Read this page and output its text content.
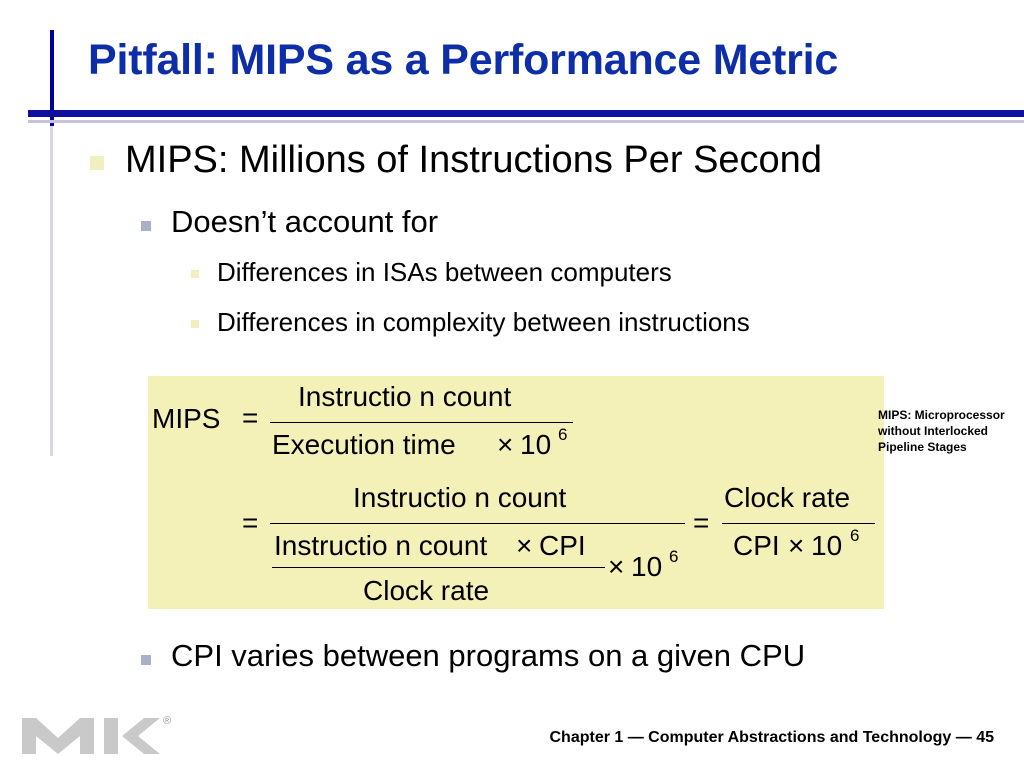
Pitfall: MIPS as a Performance Metric
MIPS: Millions of Instructions Per Second
Doesn’t account for
Differences in ISAs between computers
Differences in complexity between instructions
MIPS =
Instructio n count
Execution time × 10 6
=
Instructio n count
Instructio n count × CPI
Clock rate
× 10 6
=
Clock rate
CPI × 10 6
MIPS: Microprocessor
without Interlocked
Pipeline Stages
CPI varies between programs on a given CPU
®
Chapter 1 — Computer Abstractions and Technology — 45
